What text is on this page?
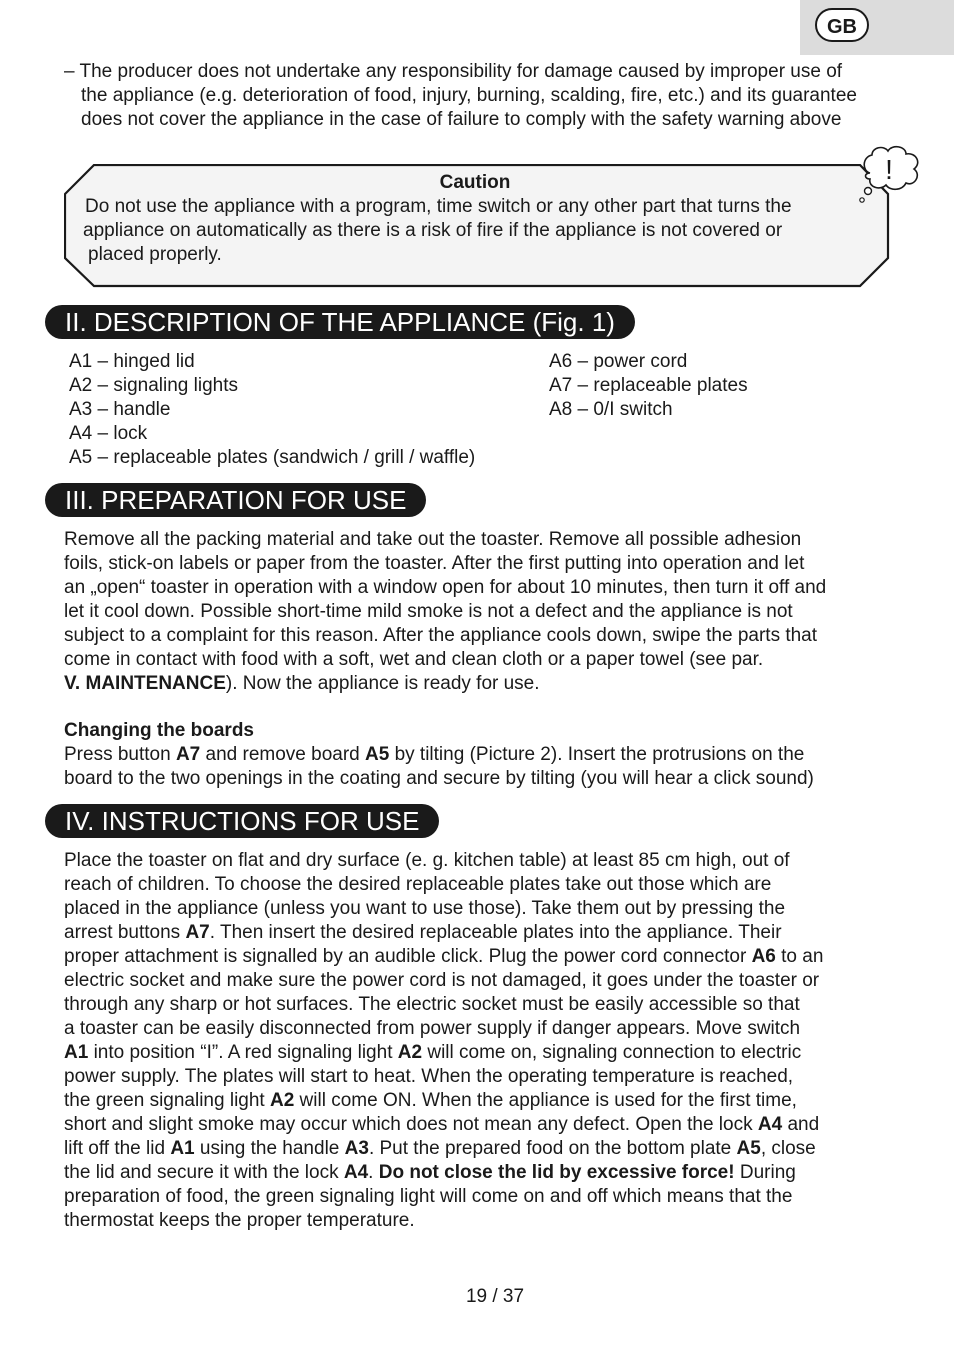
GB

– The producer does not undertake any responsibility for damage caused by improper use of

the appliance (e.g. deterioration of food, injury, burning, scalding, fire, etc.) and its guarantee

does not cover the appliance in the case of failure to comply with the safety warning above

Caution

Do not use the appliance with a program, time switch or any other part that turns the

appliance on automatically as there is a risk of fire if the appliance is not covered or

placed properly.

!
II. DESCRIPTION OF THE APPLIANCE (Fig. 1)
A1 – hinged lid
A2 – signaling lights
A3 – handle
A4 – lock
A5 – replaceable plates (sandwich / grill / waffle)
A6 – power cord
A7 – replaceable plates
A8 – 0/I switch
III. PREPARATION FOR USE

Remove all the packing material and take out the toaster. Remove all possible adhesion

foils, stick-on labels or paper from the toaster. After the first putting into operation and let

an „open“ toaster in operation with a window open for about 10 minutes, then turn it off and

let it cool down. Possible short-time mild smoke is not a defect and the appliance is not

subject to a complaint for this reason. After the appliance cools down, swipe the parts that

come in contact with food with a soft, wet and clean cloth or a paper towel (see par.

V. MAINTENANCE). Now the appliance is ready for use.

Changing the boards

Press button A7 and remove board A5 by tilting (Picture 2). Insert the protrusions on the

board to the two openings in the coating and secure by tilting (you will hear a click sound)

IV. INSTRUCTIONS FOR USE

Place the toaster on flat and dry surface (e. g. kitchen table) at least 85 cm high, out of

reach of children. To choose the desired replaceable plates take out those which are

placed in the appliance (unless you want to use those). Take them out by pressing the

arrest buttons A7. Then insert the desired replaceable plates into the appliance. Their

proper attachment is signalled by an audible click. Plug the power cord connector A6 to an

electric socket and make sure the power cord is not damaged, it goes under the toaster or

through any sharp or hot surfaces. The electric socket must be easily accessible so that

a toaster can be easily disconnected from power supply if danger appears. Move switch

A1 into position “I”. A red signaling light A2 will come on, signaling connection to electric

power supply. The plates will start to heat. When the operating temperature is reached,

the green signaling light A2 will come ON. When the appliance is used for the first time,

short and slight smoke may occur which does not mean any defect. Open the lock A4 and

lift off the lid A1 using the handle A3. Put the prepared food on the bottom plate A5, close

the lid and secure it with the lock A4. Do not close the lid by excessive force! During

preparation of food, the green signaling light will come on and off which means that the

thermostat keeps the proper temperature.

19 / 37
